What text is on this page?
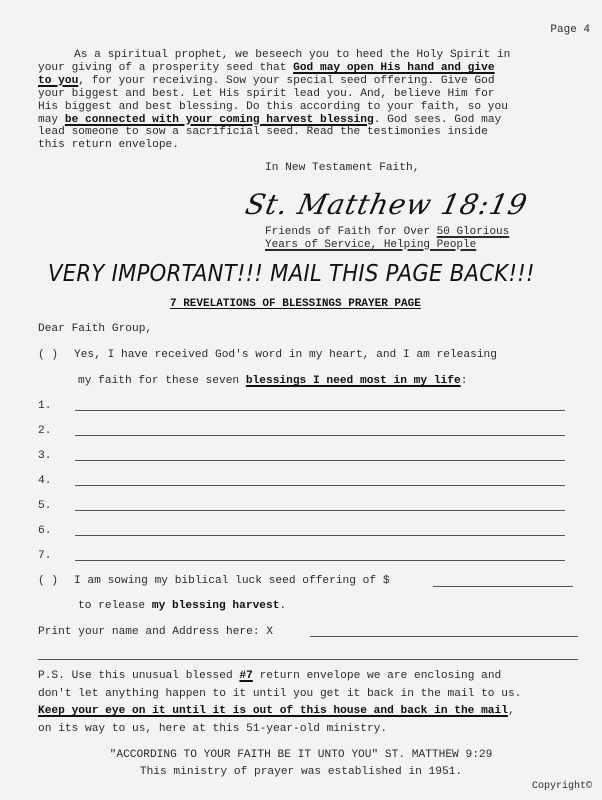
Page 4
As a spiritual prophet, we beseech you to heed the Holy Spirit in
your giving of a prosperity seed that God may open His hand and give
to you, for your receiving. Sow your special seed offering. Give God
your biggest and best. Let His spirit lead you. And, believe Him for
His biggest and best blessing. Do this according to your faith, so you
may be connected with your coming harvest blessing. God sees. God may
lead someone to sow a sacrificial seed. Read the testimonies inside
this return envelope.
In New Testament Faith,
St. Matthew 18:19
Friends of Faith for Over 50 Glorious
Years of Service, Helping People
VERY IMPORTANT!!! MAIL THIS PAGE BACK!!!
7 REVELATIONS OF BLESSINGS PRAYER PAGE
Dear Faith Group,
( ) Yes, I have received God's word in my heart, and I am releasing
my faith for these seven blessings I need most in my life:
1.
2.
3.
4.
5.
6.
7.
( ) I am sowing my biblical luck seed offering of $
to release my blessing harvest.
Print your name and Address here: X
P.S. Use this unusual blessed #7 return envelope we are enclosing and
don't let anything happen to it until you get it back in the mail to us.
Keep your eye on it until it is out of this house and back in the mail,
on its way to us, here at this 51-year-old ministry.
"ACCORDING TO YOUR FAITH BE IT UNTO YOU" ST. MATTHEW 9:29
This ministry of prayer was established in 1951.
Copyright©
